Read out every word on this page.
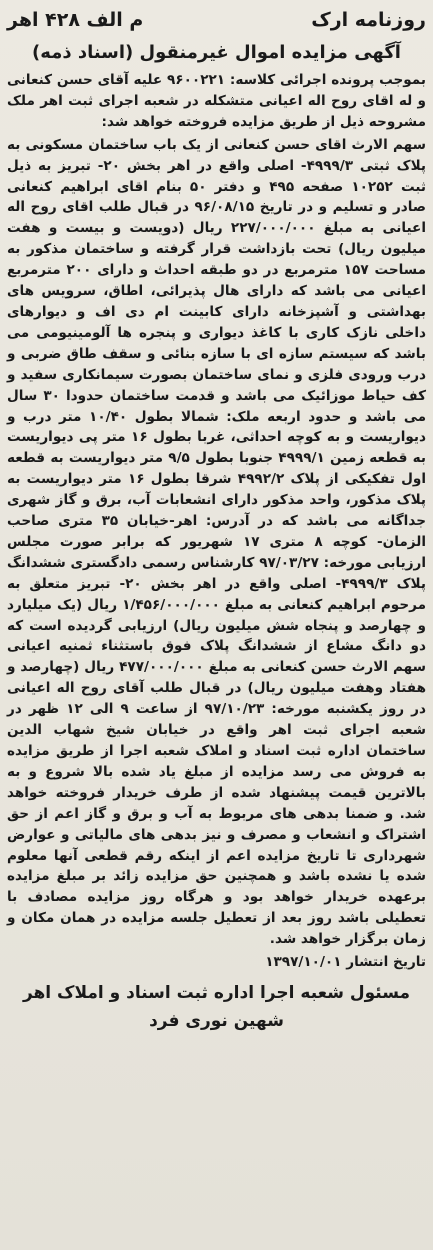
روزنامه ارک
م الف ۴۲۸ اهر
آگهی مزایده اموال غیرمنقول (اسناد ذمه)

بموجب پرونده اجرائی کلاسه: ۹۶۰۰۲۲۱ علیه آقای حسن کنعانی و له اقای روح اله اعیانی متشکله در شعبه اجرای ثبت اهر ملک مشروحه ذیل از طریق مزایده فروخته خواهد شد:

سهم الارث اقای حسن کنعانی از یک باب ساختمان مسکونی به پلاک ثبتی ۴۹۹۹/۳- اصلی واقع در اهر بخش ۲۰- تبریز به ذیل ثبت ۱۰۲۵۲ صفحه ۴۹۵ و دفتر ۵۰ بنام اقای ابراهیم کنعانی صادر و تسلیم و در تاریخ ۹۶/۰۸/۱۵ در قبال طلب اقای روح اله اعیانی به مبلغ ۲۲۷/۰۰۰/۰۰۰ ریال (دویست و بیست و هفت میلیون ریال) تحت بازداشت قرار گرفته و ساختمان مذکور به مساحت ۱۵۷ مترمربع در دو طبقه احداث و دارای ۲۰۰ مترمربع اعیانی می باشد که دارای هال پذیرائی، اطاق، سرویس های بهداشتی و آشپزخانه دارای کابینت ام دی اف و دیوارهای داخلی نازک کاری با کاغذ دیواری و پنجره ها آلومینیومی می باشد که سیستم سازه ای با سازه بنائی و سقف طاق ضربی و درب ورودی فلزی و نمای ساختمان بصورت سیمانکاری سفید و کف حیاط موزائیک می باشد و قدمت ساختمان حدودا ۳۰ سال می باشد و حدود اربعه ملک: شمالا بطول ۱۰/۴۰ متر درب و دیواریست و به کوچه احداثی، غربا بطول ۱۶ متر پی دیواریست به قطعه زمین ۴۹۹۹/۱ جنوبا بطول ۹/۵ متر دیواریست به قطعه اول تفکیکی از پلاک ۴۹۹۲/۲ شرقا بطول ۱۶ متر دیواریست به پلاک مذکور، واحد مذکور دارای انشعابات آب، برق و گاز شهری جداگانه می باشد که در آدرس: اهر-خیابان ۳۵ متری صاحب الزمان- کوچه ۸ متری ۱۷ شهریور که برابر صورت مجلس ارزیابی مورخه: ۹۷/۰۳/۲۷ کارشناس رسمی دادگستری ششدانگ پلاک ۴۹۹۹/۳- اصلی واقع در اهر بخش ۲۰- تبریز متعلق به مرحوم ابراهیم کنعانی به مبلغ ۱/۴۵۶/۰۰۰/۰۰۰ ریال (یک میلیارد و چهارصد و پنجاه شش میلیون ریال) ارزیابی گردیده است که دو دانگ مشاع از ششدانگ پلاک فوق باستثناء ثمنیه اعیانی سهم الارث حسن کنعانی به مبلغ ۴۷۷/۰۰۰/۰۰۰ ریال (چهارصد و هفتاد وهفت میلیون ریال) در قبال طلب آقای روح اله اعیانی در روز یکشنبه مورخه: ۹۷/۱۰/۲۳ از ساعت ۹ الی ۱۲ ظهر در شعبه اجرای ثبت اهر واقع در خیابان شیخ شهاب الدین ساختمان اداره ثبت اسناد و املاک شعبه اجرا از طریق مزایده به فروش می رسد مزایده از مبلغ یاد شده بالا شروع و به بالاترین قیمت پیشنهاد شده از طرف خریدار فروخته خواهد شد. و ضمنا بدهی های مربوط به آب و برق و گاز اعم از حق اشتراک و انشعاب و مصرف و نیز بدهی های مالیاتی و عوارض شهرداری تا تاریخ مزایده اعم از اینکه رقم قطعی آنها معلوم شده یا نشده باشد و همچنین حق مزایده زائد بر مبلغ مزایده برعهده خریدار خواهد بود و هرگاه روز مزایده مصادف با تعطیلی باشد روز بعد از تعطیل جلسه مزایده در همان مکان و زمان برگزار خواهد شد.

تاریخ انتشار ۱۳۹۷/۱۰/۰۱
مسئول شعبه اجرا اداره ثبت اسناد و املاک اهر
شهین نوری فرد
